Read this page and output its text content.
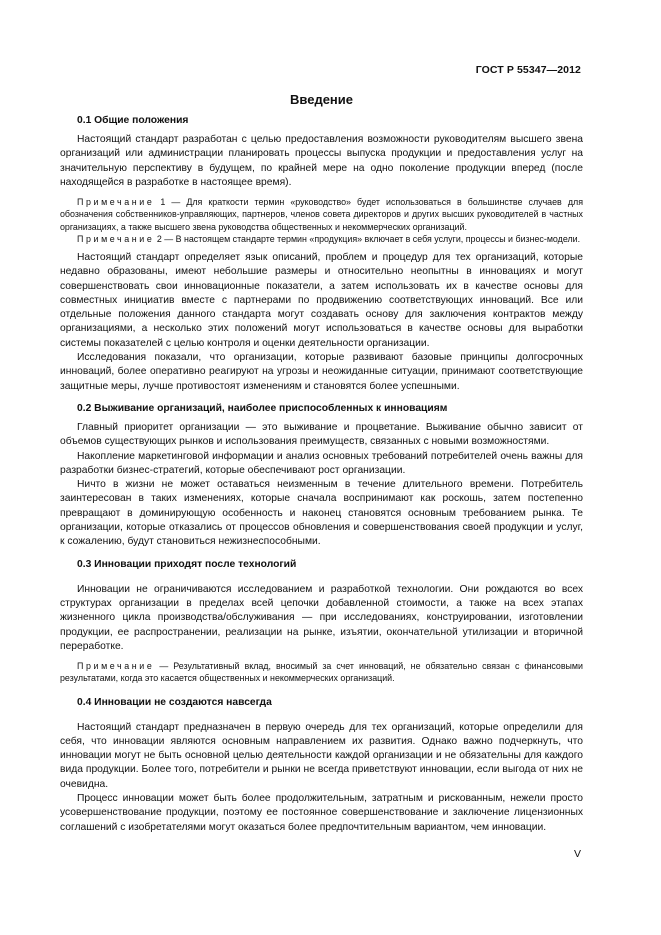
ГОСТ Р 55347—2012
Введение
0.1 Общие положения

Настоящий стандарт разработан с целью предоставления возможности руководителям высшего звена организаций или администрации планировать процессы выпуска продукции и предоставления услуг на значительную перспективу в будущем, по крайней мере на одно поколение продукции вперед (после находящейся в разработке в настоящее время).

Примечание 1 — Для краткости термин «руководство» будет использоваться в большинстве случаев для обозначения собственников-управляющих, партнеров, членов совета директоров и других высших руководителей в частных организациях, а также высшего звена руководства общественных и некоммерческих организаций.

Примечание 2 — В настоящем стандарте термин «продукция» включает в себя услуги, процессы и бизнес-модели.

Настоящий стандарт определяет язык описаний, проблем и процедур для тех организаций, которые недавно образованы, имеют небольшие размеры и относительно неопытны в инновациях и могут совершенствовать свои инновационные показатели, а затем использовать их в качестве основы для совместных инициатив вместе с партнерами по продвижению соответствующих инноваций. Все или отдельные положения данного стандарта могут создавать основу для заключения контрактов между организациями, а несколько этих положений могут использоваться в качестве основы для выработки системы показателей с целью контроля и оценки деятельности организации.

Исследования показали, что организации, которые развивают базовые принципы долгосрочных инноваций, более оперативно реагируют на угрозы и неожиданные ситуации, принимают соответствующие защитные меры, лучше противостоят изменениям и становятся более успешными.

0.2 Выживание организаций, наиболее приспособленных к инновациям

Главный приоритет организации — это выживание и процветание. Выживание обычно зависит от объемов существующих рынков и использования преимуществ, связанных с новыми возможностями.

Накопление маркетинговой информации и анализ основных требований потребителей очень важны для разработки бизнес-стратегий, которые обеспечивают рост организации.

Ничто в жизни не может оставаться неизменным в течение длительного времени. Потребитель заинтересован в таких изменениях, которые сначала воспринимают как роскошь, затем постепенно превращают в доминирующую особенность и наконец становятся основным требованием рынка. Те организации, которые отказались от процессов обновления и совершенствования своей продукции и услуг, к сожалению, будут становиться нежизнеспособными.

0.3 Инновации приходят после технологий

Инновации не ограничиваются исследованием и разработкой технологии. Они рождаются во всех структурах организации в пределах всей цепочки добавленной стоимости, а также на всех этапах жизненного цикла производства/обслуживания — при исследованиях, конструировании, изготовлении продукции, ее распространении, реализации на рынке, изъятии, окончательной утилизации и вторичной переработке.

Примечание — Результативный вклад, вносимый за счет инноваций, не обязательно связан с финансовыми результатами, когда это касается общественных и некоммерческих организаций.

0.4 Инновации не создаются навсегда

Настоящий стандарт предназначен в первую очередь для тех организаций, которые определили для себя, что инновации являются основным направлением их развития. Однако важно подчеркнуть, что инновации могут не быть основной целью деятельности каждой организации и не обязательны для каждого вида продукции. Более того, потребители и рынки не всегда приветствуют инновации, если выгода от них не очевидна.

Процесс инновации может быть более продолжительным, затратным и рискованным, нежели просто усовершенствование продукции, поэтому ее постоянное совершенствование и заключение лицензионных соглашений с изобретателями могут оказаться более предпочтительным вариантом, чем инновации.

V
